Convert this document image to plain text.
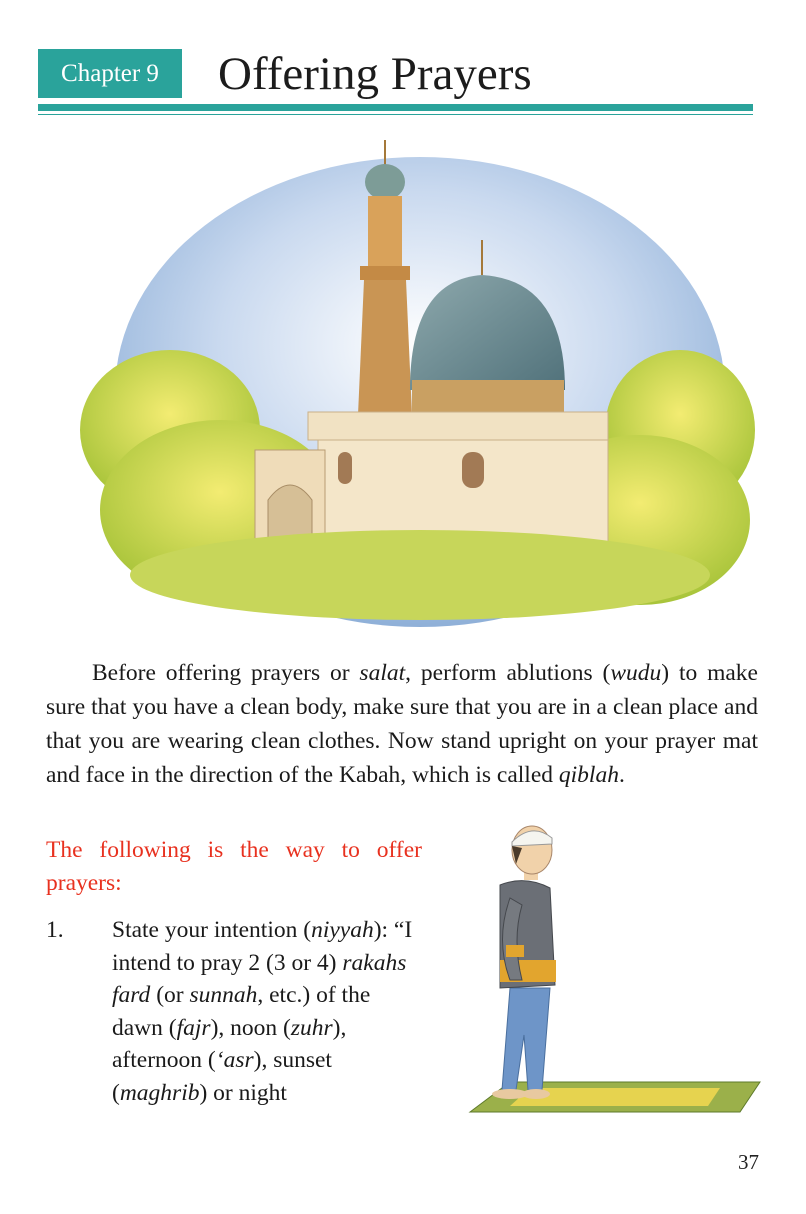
Chapter 9	Offering Prayers

Before offering prayers or salat, perform ablutions (wudu) to make sure that you have a clean body, make sure that you are in a clean place and that you are wearing clean clothes. Now stand upright on your prayer mat and face in the direction of the Kabah, which is called qiblah.

The following is the way to offer prayers:

1. State your intention (niyyah): “I intend to pray 2 (3 or 4) rakahs fard (or sunnah, etc.) of the dawn (fajr), noon (zuhr), afternoon (‘asr), sunset (maghrib) or night

37
